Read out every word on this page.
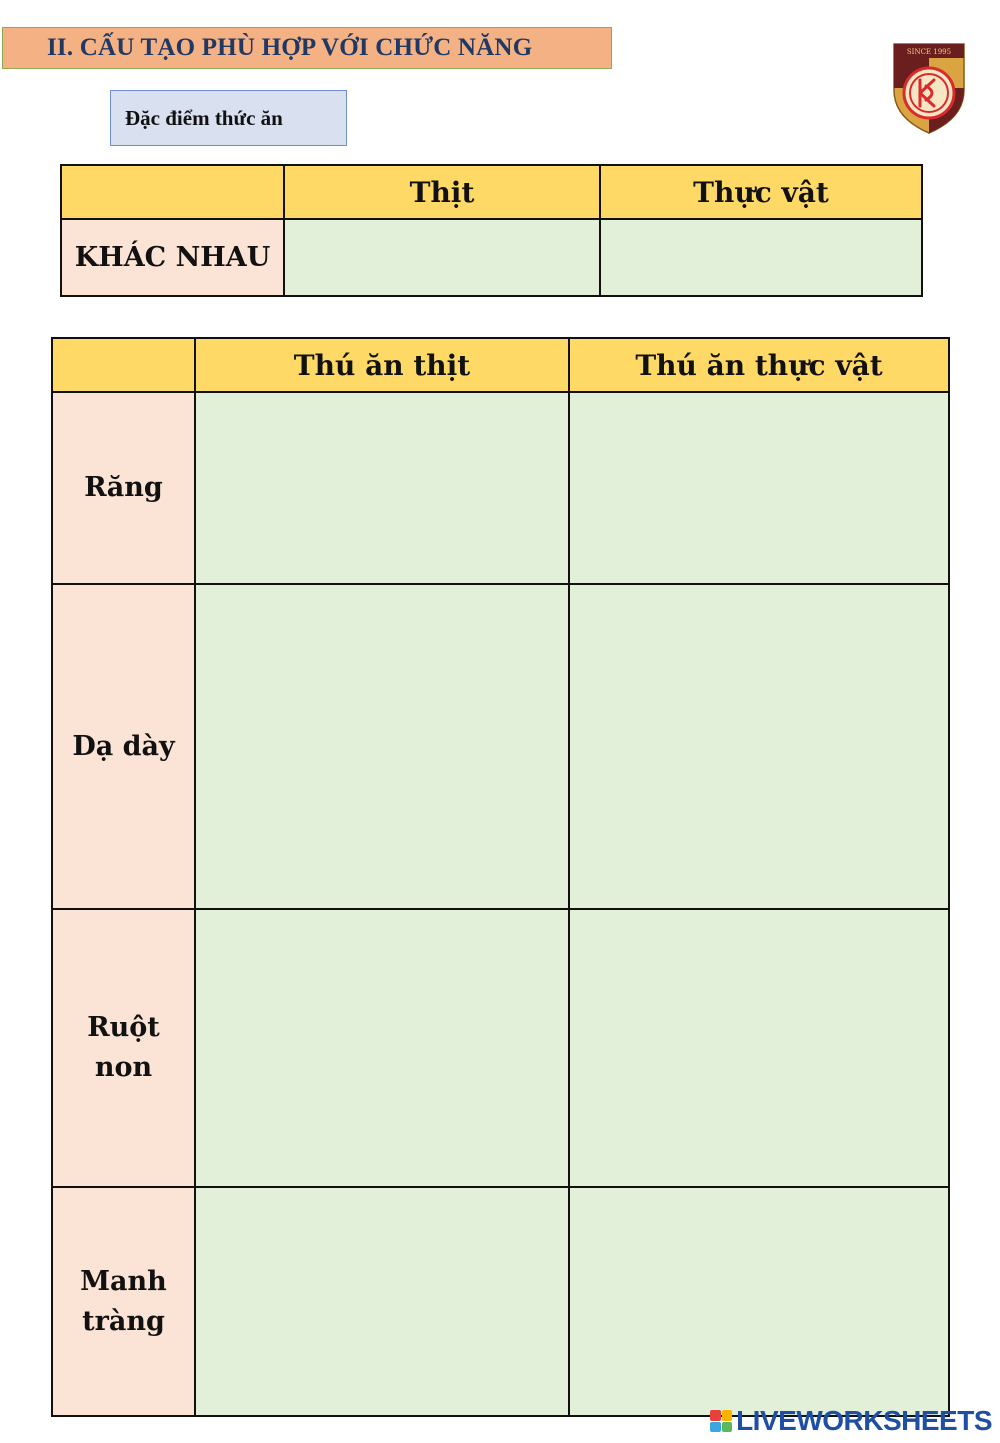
II. CẤU TẠO PHÙ HỢP VỚI CHỨC NĂNG
Đặc điểm thức ăn
SINCE 1995
	Thịt	Thực vật
KHÁC NHAU		
	Thú ăn thịt	Thú ăn thực vật
Răng		
Dạ dày		
Ruột non		
Manh tràng		
LIVEWORKSHEETS
